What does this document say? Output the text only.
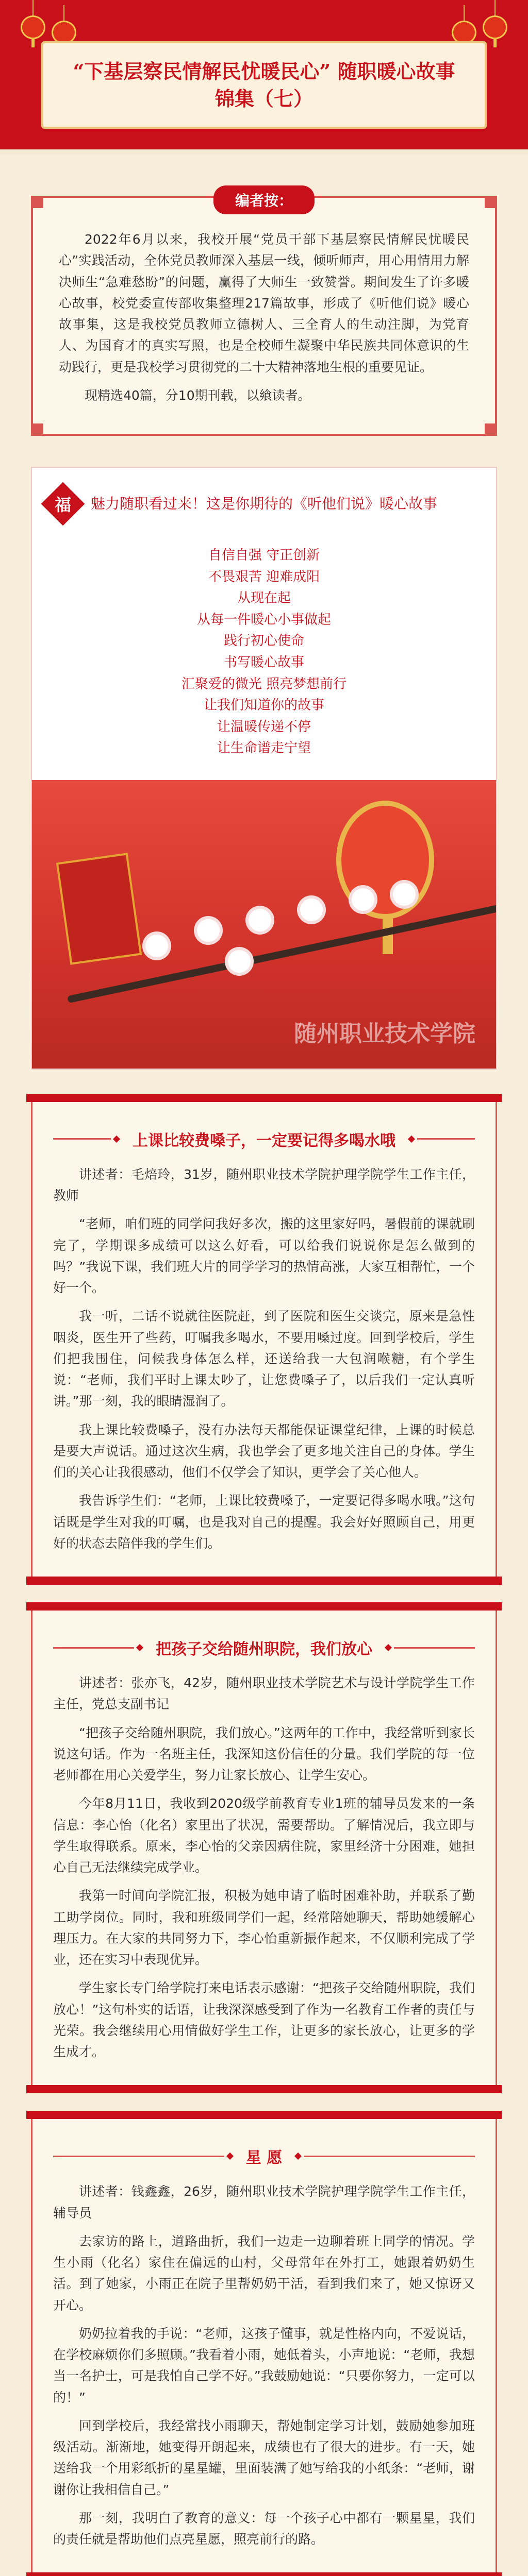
“下基层察民情解民忧暖民心” 随职暖心故事
锦集（七）
编者按：

2022年6月以来，我校开展“党员干部下基层察民情解民忧暖民心”实践活动，全体党员教师深入基层一线，倾听师声，用心用情用力解决师生“急难愁盼”的问题，赢得了大师生一致赞誉。期间发生了许多暖心故事，校党委宣传部收集整理217篇故事，形成了《听他们说》暖心故事集，这是我校党员教师立德树人、三全育人的生动注脚，为党育人、为国育才的真实写照，也是全校师生凝聚中华民族共同体意识的生动践行，更是我校学习贯彻党的二十大精神落地生根的重要见证。

现精选40篇，分10期刊载，以飨读者。

福 魅力随职看过来！这是你期待的《听他们说》暖心故事
自信自强 守正创新
不畏艰苦 迎难成阳
从现在起
从每一件暖心小事做起
践行初心使命
书写暖心故事
汇聚爱的微光 照亮梦想前行
让我们知道你的故事
让温暖传递不停
让生命谱走宁望
随州职业技术学院
上课比较费嗓子，一定要记得多喝水哦

讲述者：毛焙玲，31岁，随州职业技术学院护理学院学生工作主任，教师

“老师，咱们班的同学问我好多次，搬的这里家好吗，暑假前的课就刷完了，学期课多成绩可以这么好看，可以给我们说说你是怎么做到的吗？”我说下课，我们班大片的同学学习的热情高涨，大家互相帮忙，一个好一个。

我一听，二话不说就往医院赶，到了医院和医生交谈完，原来是急性咽炎，医生开了些药，叮嘱我多喝水，不要用嗓过度。回到学校后，学生们把我围住，问候我身体怎么样，还送给我一大包润喉糖，有个学生说：“老师，我们平时上课太吵了，让您费嗓子了，以后我们一定认真听讲。”那一刻，我的眼睛湿润了。

我上课比较费嗓子，没有办法每天都能保证课堂纪律，上课的时候总是要大声说话。通过这次生病，我也学会了更多地关注自己的身体。学生们的关心让我很感动，他们不仅学会了知识，更学会了关心他人。

我告诉学生们：“老师，上课比较费嗓子，一定要记得多喝水哦。”这句话既是学生对我的叮嘱，也是我对自己的提醒。我会好好照顾自己，用更好的状态去陪伴我的学生们。

把孩子交给随州职院，我们放心

讲述者：张亦飞，42岁，随州职业技术学院艺术与设计学院学生工作主任，党总支副书记

“把孩子交给随州职院，我们放心。”这两年的工作中，我经常听到家长说这句话。作为一名班主任，我深知这份信任的分量。我们学院的每一位老师都在用心关爱学生，努力让家长放心、让学生安心。

今年8月11日，我收到2020级学前教育专业1班的辅导员发来的一条信息：李心怡（化名）家里出了状况，需要帮助。了解情况后，我立即与学生取得联系。原来，李心怡的父亲因病住院，家里经济十分困难，她担心自己无法继续完成学业。

我第一时间向学院汇报，积极为她申请了临时困难补助，并联系了勤工助学岗位。同时，我和班级同学们一起，经常陪她聊天，帮助她缓解心理压力。在大家的共同努力下，李心怡重新振作起来，不仅顺利完成了学业，还在实习中表现优异。

学生家长专门给学院打来电话表示感谢：“把孩子交给随州职院，我们放心！”这句朴实的话语，让我深深感受到了作为一名教育工作者的责任与光荣。我会继续用心用情做好学生工作，让更多的家长放心，让更多的学生成才。

星 愿

讲述者：钱鑫鑫，26岁，随州职业技术学院护理学院学生工作主任，辅导员

去家访的路上，道路曲折，我们一边走一边聊着班上同学的情况。学生小雨（化名）家住在偏远的山村，父母常年在外打工，她跟着奶奶生活。到了她家，小雨正在院子里帮奶奶干活，看到我们来了，她又惊讶又开心。

奶奶拉着我的手说：“老师，这孩子懂事，就是性格内向，不爱说话，在学校麻烦你们多照顾。”我看着小雨，她低着头，小声地说：“老师，我想当一名护士，可是我怕自己学不好。”我鼓励她说：“只要你努力，一定可以的！”

回到学校后，我经常找小雨聊天，帮她制定学习计划，鼓励她参加班级活动。渐渐地，她变得开朗起来，成绩也有了很大的进步。有一天，她送给我一个用彩纸折的星星罐，里面装满了她写给我的小纸条：“老师，谢谢你让我相信自己。”

那一刻，我明白了教育的意义：每一个孩子心中都有一颗星星，我们的责任就是帮助他们点亮星愿，照亮前行的路。
